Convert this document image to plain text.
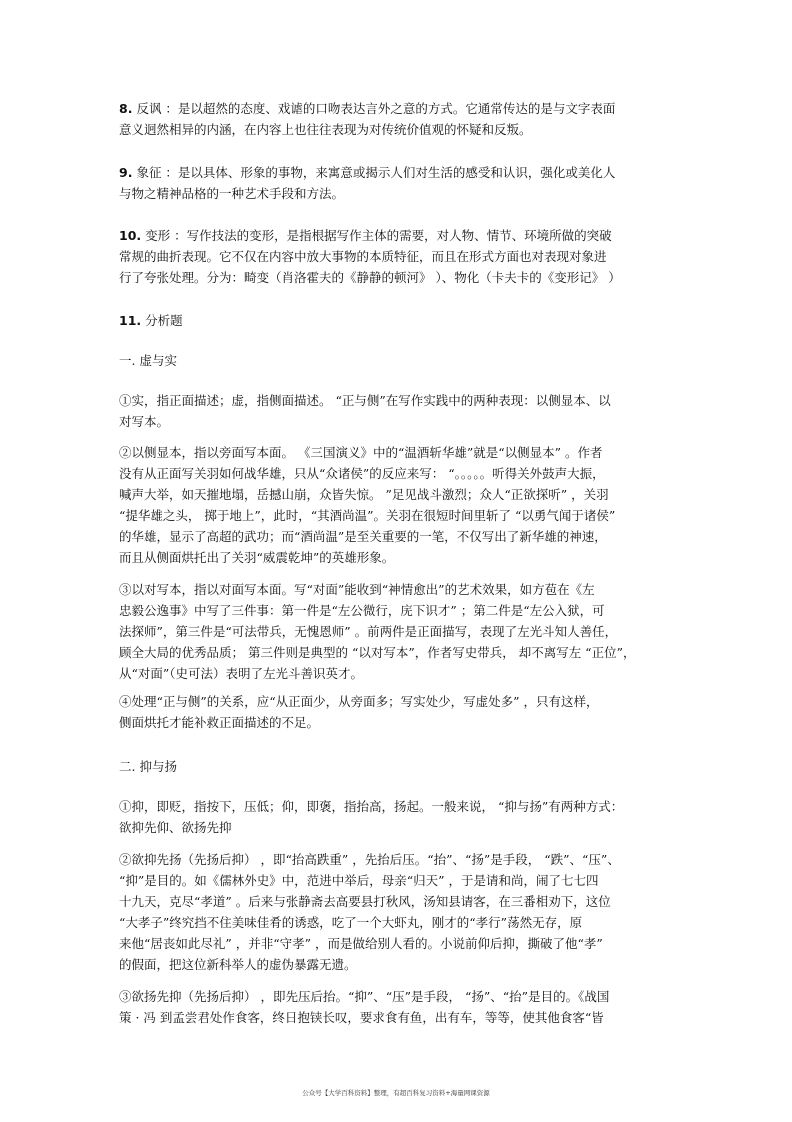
8. 反讽 ：是以超然的态度、戏谑的口吻表达言外之意的方式。它通常传达的是与文字表面
意义迥然相异的内涵，在内容上也往往表现为对传统价值观的怀疑和反叛。
9. 象征 ：是以具体、形象的事物，来寓意或揭示人们对生活的感受和认识，强化或美化人
与物之精神品格的一种艺术手段和方法。
10. 变形 ：写作技法的变形，是指根据写作主体的需要，对人物、情节、环境所做的突破
常规的曲折表现。它不仅在内容中放大事物的本质特征，而且在形式方面也对表现对象进
行了夸张处理。分为：畸变（肖洛霍夫的《静静的顿河》 ）、物化（卡夫卡的《变形记》 ）
11. 分析题
一. 虚与实
①实，指正面描述；虚，指侧面描述。 “正与侧”在写作实践中的两种表现：以侧显本、以
对写本。
②以侧显本，指以旁面写本面。 《三国演义》中的“温酒斩华雄”就是“以侧显本” 。作者
没有从正面写关羽如何战华雄，只从“众诸侯”的反应来写： “。。。。。听得关外鼓声大振，
喊声大举，如天摧地塌，岳撼山崩，众皆失惊。 ”足见战斗激烈；众人“正欲探听” ，关羽
“提华雄之头， 掷于地上”，此时，“其酒尚温”。关羽在很短时间里斩了 “以勇气闻于诸侯”
的华雄，显示了高超的武功；而“酒尚温”是至关重要的一笔，不仅写出了新华雄的神速，
而且从侧面烘托出了关羽“威震乾坤”的英雄形象。
③以对写本，指以对面写本面。写“对面”能收到“神情愈出”的艺术效果，如方苞在《左
忠毅公逸事》中写了三件事：第一件是“左公微行，庑下识才” ；第二件是“左公入狱，可
法探师”，第三件是“可法带兵，无愧恩师” 。前两件是正面描写，表现了左光斗知人善任，
顾全大局的优秀品质； 第三件则是典型的 “以对写本”，作者写史带兵， 却不离写左 “正位”，
从“对面”（史可法）表明了左光斗善识英才。
④处理“正与侧”的关系，应“从正面少，从旁面多；写实处少，写虚处多” ，只有这样，
侧面烘托才能补救正面描述的不足。
二. 抑与扬
①抑，即贬，指按下，压低；仰，即褒，指抬高，扬起。一般来说， “抑与扬”有两种方式：
欲抑先仰、欲扬先抑
②欲抑先扬（先扬后抑） ，即“抬高跌重” ，先抬后压。“抬”、“扬”是手段， “跌”、“压”、
“抑”是目的。如《儒林外史》中，范进中举后，母亲“归天” ，于是请和尚，闹了七七四
十九天，克尽“孝道” 。后来与张静斋去高要县打秋风，汤知县请客，在三番相劝下，这位
“大孝子”终究挡不住美味佳肴的诱惑，吃了一个大虾丸，刚才的“孝行”荡然无存，原
来他“居丧如此尽礼” ，并非“守孝” ，而是做给别人看的。小说前仰后抑，撕破了他“孝”
的假面，把这位新科举人的虚伪暴露无遗。
③欲扬先抑（先扬后抑） ，即先压后抬。“抑”、“压”是手段， “扬”、“抬”是目的。《战国
策 · 冯 到孟尝君处作食客，终日抱铗长叹，要求食有鱼，出有车，等等，使其他食客“皆
公众号【大学百科资料】整理，有超百科复习资料+海量网课资源
